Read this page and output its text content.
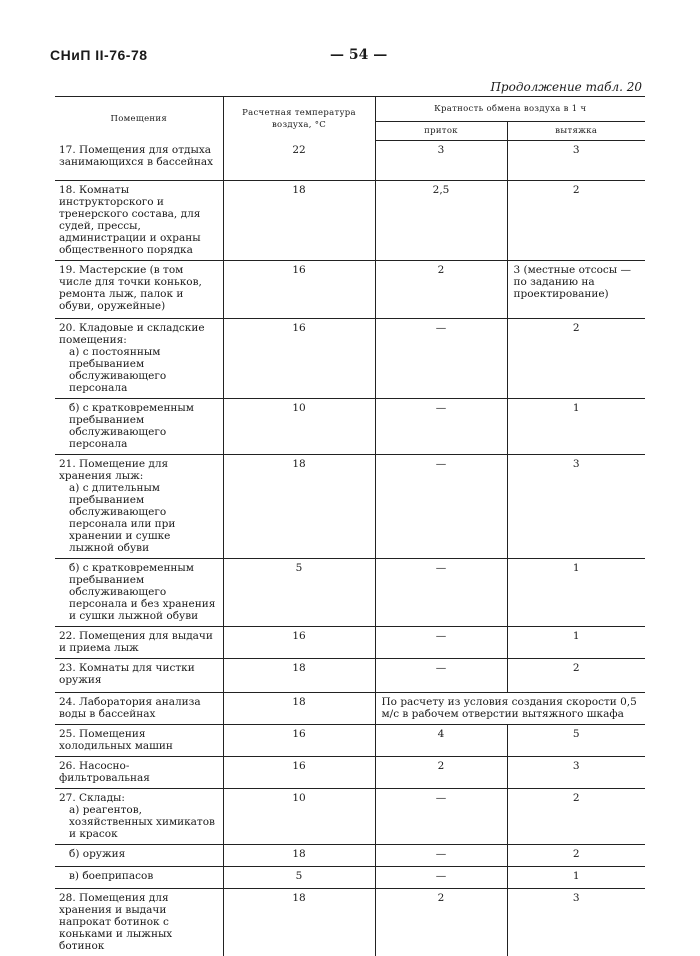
СНиП II-76-78	— 54 —
Продолжение табл. 20
Помещения	Расчетная температура воздуха, °С	Кратность обмена воздуха в 1 ч	
		приток	вытяжка
17. Помещения для отдыха занимающихся в бассейнах	22	3	3
18. Комнаты инструкторского и тренерского состава, для судей, прессы, администрации и охраны общественного порядка	18	2,5	2
19. Мастерские (в том числе для точки коньков, ремонта лыж, палок и обуви, оружейные)	16	2	3 (местные отсосы — по заданию на проектирование)
20. Кладовые и складские помещения:
а) с постоянным пребыванием обслуживающего персонала	16	—	2

б) с кратковременным пребыванием обслуживающего персонала	10	—	1
21. Помещение для хранения лыж:
а) с длительным пребыванием обслуживающего персонала или при хранении и сушке лыжной обуви	18	—	3

б) с кратковременным пребыванием обслуживающего персонала и без хранения и сушки лыжной обуви	5	—	1
22. Помещения для выдачи и приема лыж	16	—	1
23. Комнаты для чистки оружия	18	—	2
24. Лаборатория анализа воды в бассейнах	18	По расчету из условия создания скорости 0,5 м/с в рабочем отверстии вытяжного шкафа	
25. Помещения холодильных машин	16	4	5
26. Насосно-фильтровальная	16	2	3
27. Склады:
а) реагентов, хозяйственных химикатов и красок	10	—	2

б) оружия	18	—	2

в) боеприпасов	5	—	1
28. Помещения для хранения и выдачи напрокат ботинок с коньками и лыжных ботинок	18	2	3
